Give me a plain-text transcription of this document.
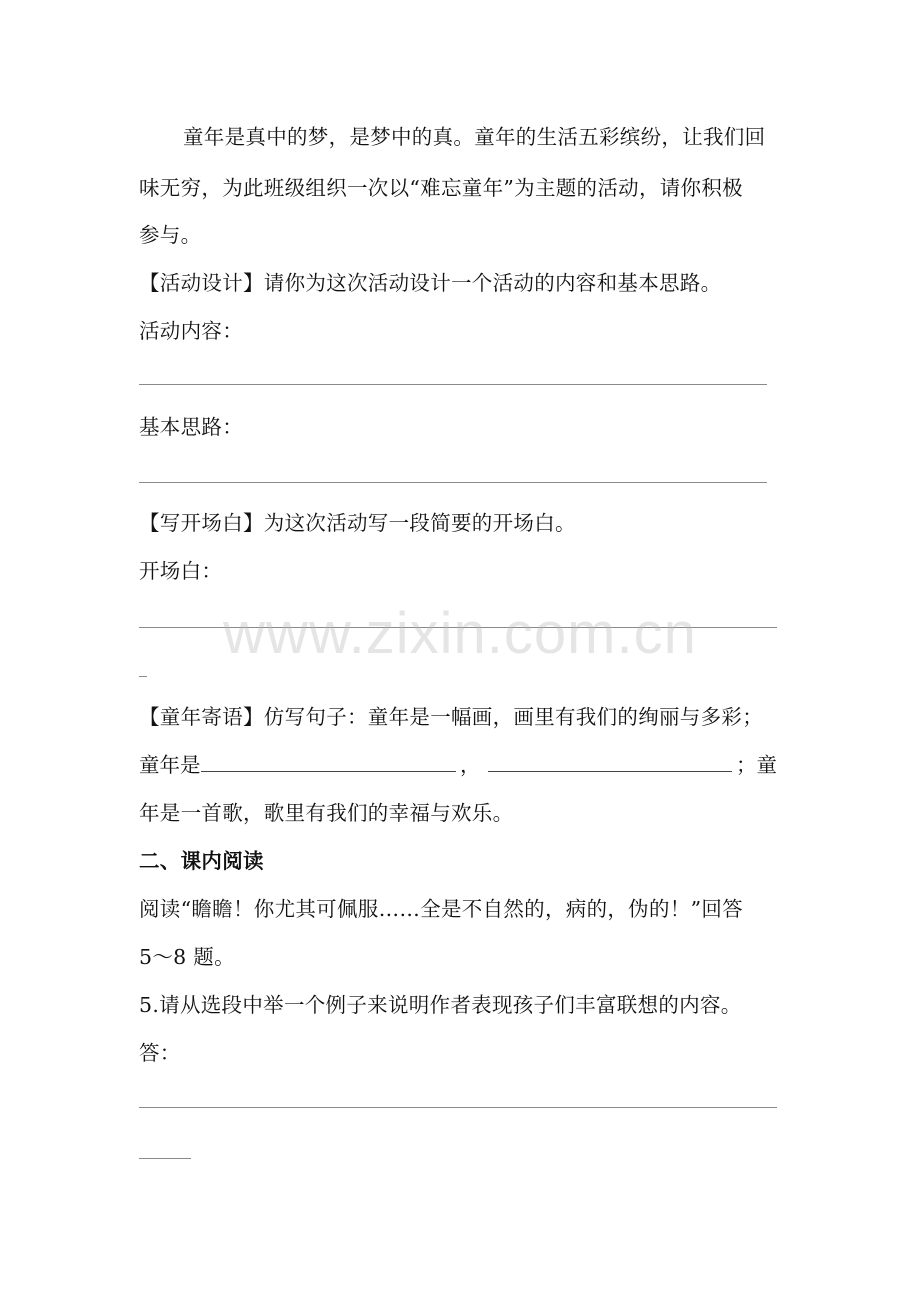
童年是真中的梦，是梦中的真。童年的生活五彩缤纷，让我们回
味无穷，为此班级组织一次以“难忘童年”为主题的活动，请你积极
参与。
【活动设计】请你为这次活动设计一个活动的内容和基本思路。
活动内容：
基本思路：
【写开场白】为这次活动写一段简要的开场白。
开场白：
【童年寄语】仿写句子：童年是一幅画，画里有我们的绚丽与多彩；
童年是	，	； 童
年是一首歌，歌里有我们的幸福与欢乐。
二、课内阅读
阅读“瞻瞻！你尤其可佩服……全是不自然的，病的，伪的！”回答
5～8 题。
5.请从选段中举一个例子来说明作者表现孩子们丰富联想的内容。
答：
www.zixin.com.cn
